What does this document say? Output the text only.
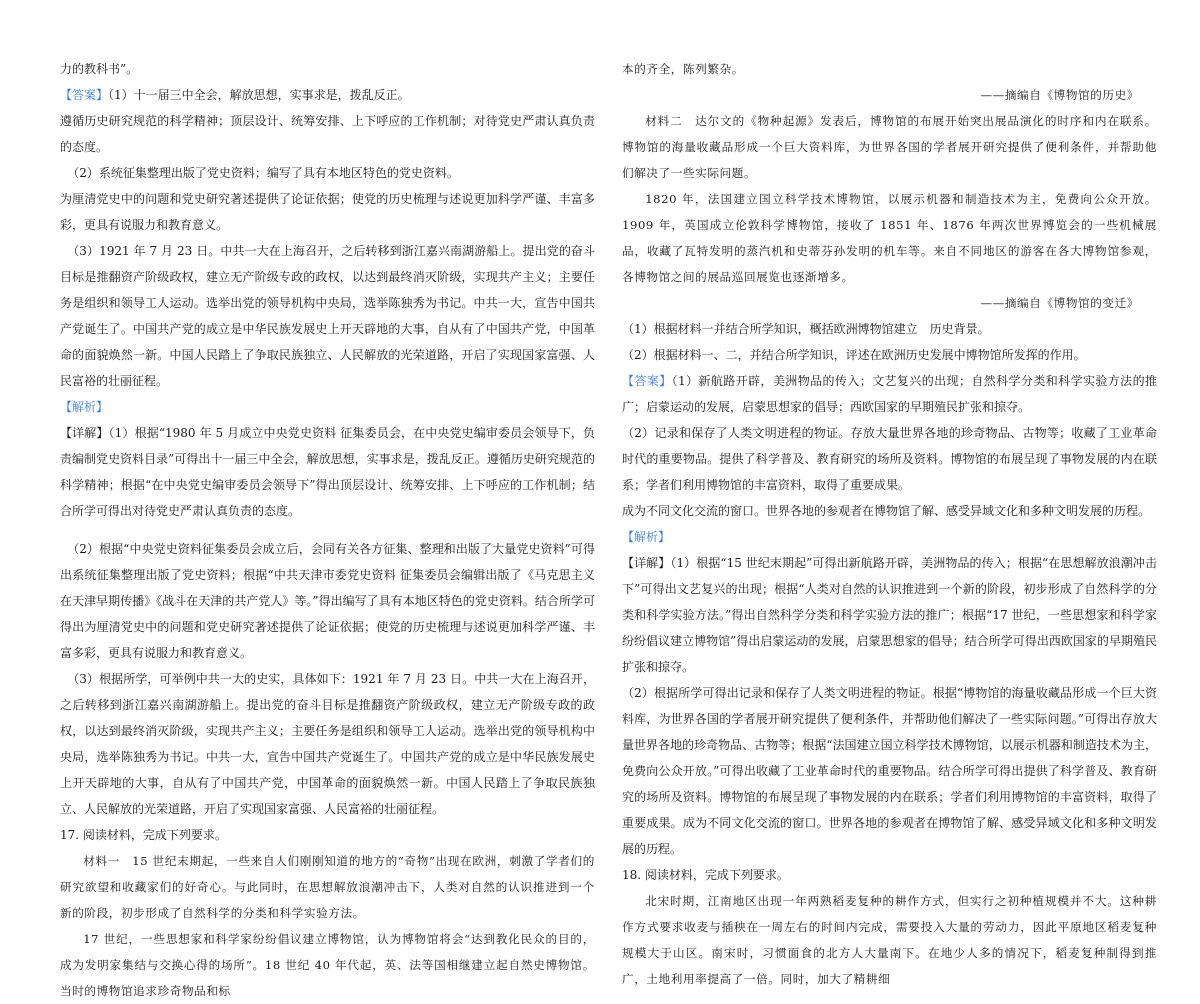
力的教科书”。

【答案】（1）十一届三中全会，解放思想，实事求是，拨乱反正。

遵循历史研究规范的科学精神；顶层设计、统筹安排、上下呼应的工作机制；对待党史严肃认真负责的态度。

（2）系统征集整理出版了党史资料；编写了具有本地区特色的党史资料。

为厘清党史中的问题和党史研究著述提供了论证依据；使党的历史梳理与述说更加科学严谨、丰富多彩，更具有说服力和教育意义。

（3）1921 年 7 月 23 日。中共一大在上海召开，之后转移到浙江嘉兴南湖游船上。提出党的奋斗目标是推翻资产阶级政权，建立无产阶级专政的政权，以达到最终消灭阶级，实现共产主义；主要任务是组织和领导工人运动。选举出党的领导机构中央局，选举陈独秀为书记。中共一大，宣告中国共产党诞生了。中国共产党的成立是中华民族发展史上开天辟地的大事，自从有了中国共产党，中国革命的面貌焕然一新。中国人民踏上了争取民族独立、人民解放的光荣道路，开启了实现国家富强、人民富裕的壮丽征程。

【解析】

【详解】（1）根据“1980 年 5 月成立中央党史资料 征集委员会，在中央党史编审委员会领导下，负责编制党史资料目录”可得出十一届三中全会，解放思想，实事求是，拨乱反正。遵循历史研究规范的科学精神；根据“在中央党史编审委员会领导下”得出顶层设计、统筹安排、上下呼应的工作机制；结合所学可得出对待党史严肃认真负责的态度。

（2）根据“中央党史资料征集委员会成立后，会同有关各方征集、整理和出版了大量党史资料”可得出系统征集整理出版了党史资料；根据“中共天津市委党史资料 征集委员会编辑出版了《马克思主义在天津早期传播》《战斗在天津的共产党人》等。”得出编写了具有本地区特色的党史资料。结合所学可得出为厘清党史中的问题和党史研究著述提供了论证依据；使党的历史梳理与述说更加科学严谨、丰富多彩，更具有说服力和教育意义。

（3）根据所学，可举例中共一大的史实，具体如下：1921 年 7 月 23 日。中共一大在上海召开，之后转移到浙江嘉兴南湖游船上。提出党的奋斗目标是推翻资产阶级政权，建立无产阶级专政的政权，以达到最终消灭阶级，实现共产主义；主要任务是组织和领导工人运动。选举出党的领导机构中央局，选举陈独秀为书记。中共一大，宣告中国共产党诞生了。中国共产党的成立是中华民族发展史上开天辟地的大事，自从有了中国共产党，中国革命的面貌焕然一新。中国人民踏上了争取民族独立、人民解放的光荣道路，开启了实现国家富强、人民富裕的壮丽征程。

17. 阅读材料，完成下列要求。

材料一　15 世纪末期起，一些来自人们刚刚知道的地方的“奇物”出现在欧洲，刺激了学者们的研究欲望和收藏家们的好奇心。与此同时，在思想解放浪潮冲击下，人类对自然的认识推进到一个新的阶段，初步形成了自然科学的分类和科学实验方法。

17 世纪，一些思想家和科学家纷纷倡议建立博物馆，认为博物馆将会“达到教化民众的目的，成为发明家集结与交换心得的场所”。18 世纪 40 年代起，英、法等国相继建立起自然史博物馆。当时的博物馆追求珍奇物品和标

本的齐全，陈列繁杂。

——摘编自《博物馆的历史》

材料二　达尔文的《物种起源》发表后，博物馆的布展开始突出展品演化的时序和内在联系。博物馆的海量收藏品形成一个巨大资料库，为世界各国的学者展开研究提供了便利条件，并帮助他们解决了一些实际问题。

1820 年，法国建立国立科学技术博物馆，以展示机器和制造技术为主，免费向公众开放。1909 年，英国成立伦敦科学博物馆，接收了 1851 年、1876 年两次世界博览会的一些机械展品，收藏了瓦特发明的蒸汽机和史蒂芬孙发明的机车等。来自不同地区的游客在各大博物馆参观，各博物馆之间的展品巡回展览也逐渐增多。

——摘编自《博物馆的变迁》

（1）根据材料一并结合所学知识，概括欧洲博物馆建立　历史背景。

（2）根据材料一、二，并结合所学知识，评述在欧洲历史发展中博物馆所发挥的作用。

【答案】（1）新航路开辟，美洲物品的传入；文艺复兴的出现；自然科学分类和科学实验方法的推广；启蒙运动的发展，启蒙思想家的倡导；西欧国家的早期殖民扩张和掠夺。

（2）记录和保存了人类文明进程的物证。存放大量世界各地的珍奇物品、古物等；收藏了工业革命时代的重要物品。提供了科学普及、教育研究的场所及资料。博物馆的布展呈现了事物发展的内在联系；学者们利用博物馆的丰富资料，取得了重要成果。

成为不同文化交流的窗口。世界各地的参观者在博物馆了解、感受异域文化和多种文明发展的历程。

【解析】

【详解】（1）根据“15 世纪末期起”可得出新航路开辟，美洲物品的传入；根据“在思想解放浪潮冲击下”可得出文艺复兴的出现；根据“人类对自然的认识推进到一个新的阶段，初步形成了自然科学的分类和科学实验方法。”得出自然科学分类和科学实验方法的推广；根据“17 世纪，一些思想家和科学家纷纷倡议建立博物馆”得出启蒙运动的发展，启蒙思想家的倡导；结合所学可得出西欧国家的早期殖民扩张和掠夺。

（2）根据所学可得出记录和保存了人类文明进程的物证。根据“博物馆的海量收藏品形成一个巨大资料库，为世界各国的学者展开研究提供了便利条件，并帮助他们解决了一些实际问题。”可得出存放大量世界各地的珍奇物品、古物等；根据“法国建立国立科学技术博物馆，以展示机器和制造技术为主，免费向公众开放。”可得出收藏了工业革命时代的重要物品。结合所学可得出提供了科学普及、教育研究的场所及资料。博物馆的布展呈现了事物发展的内在联系；学者们利用博物馆的丰富资料，取得了重要成果。成为不同文化交流的窗口。世界各地的参观者在博物馆了解、感受异域文化和多种文明发展的历程。

18. 阅读材料，完成下列要求。

北宋时期，江南地区出现一年两熟稻麦复种的耕作方式，但实行之初种植规模并不大。这种耕作方式要求收麦与插秧在一周左右的时间内完成，需要投入大量的劳动力，因此平原地区稻麦复种规模大于山区。南宋时，习惯面食的北方人大量南下。在地少人多的情况下，稻麦复种制得到推广，土地利用率提高了一倍。同时，加大了精耕细
